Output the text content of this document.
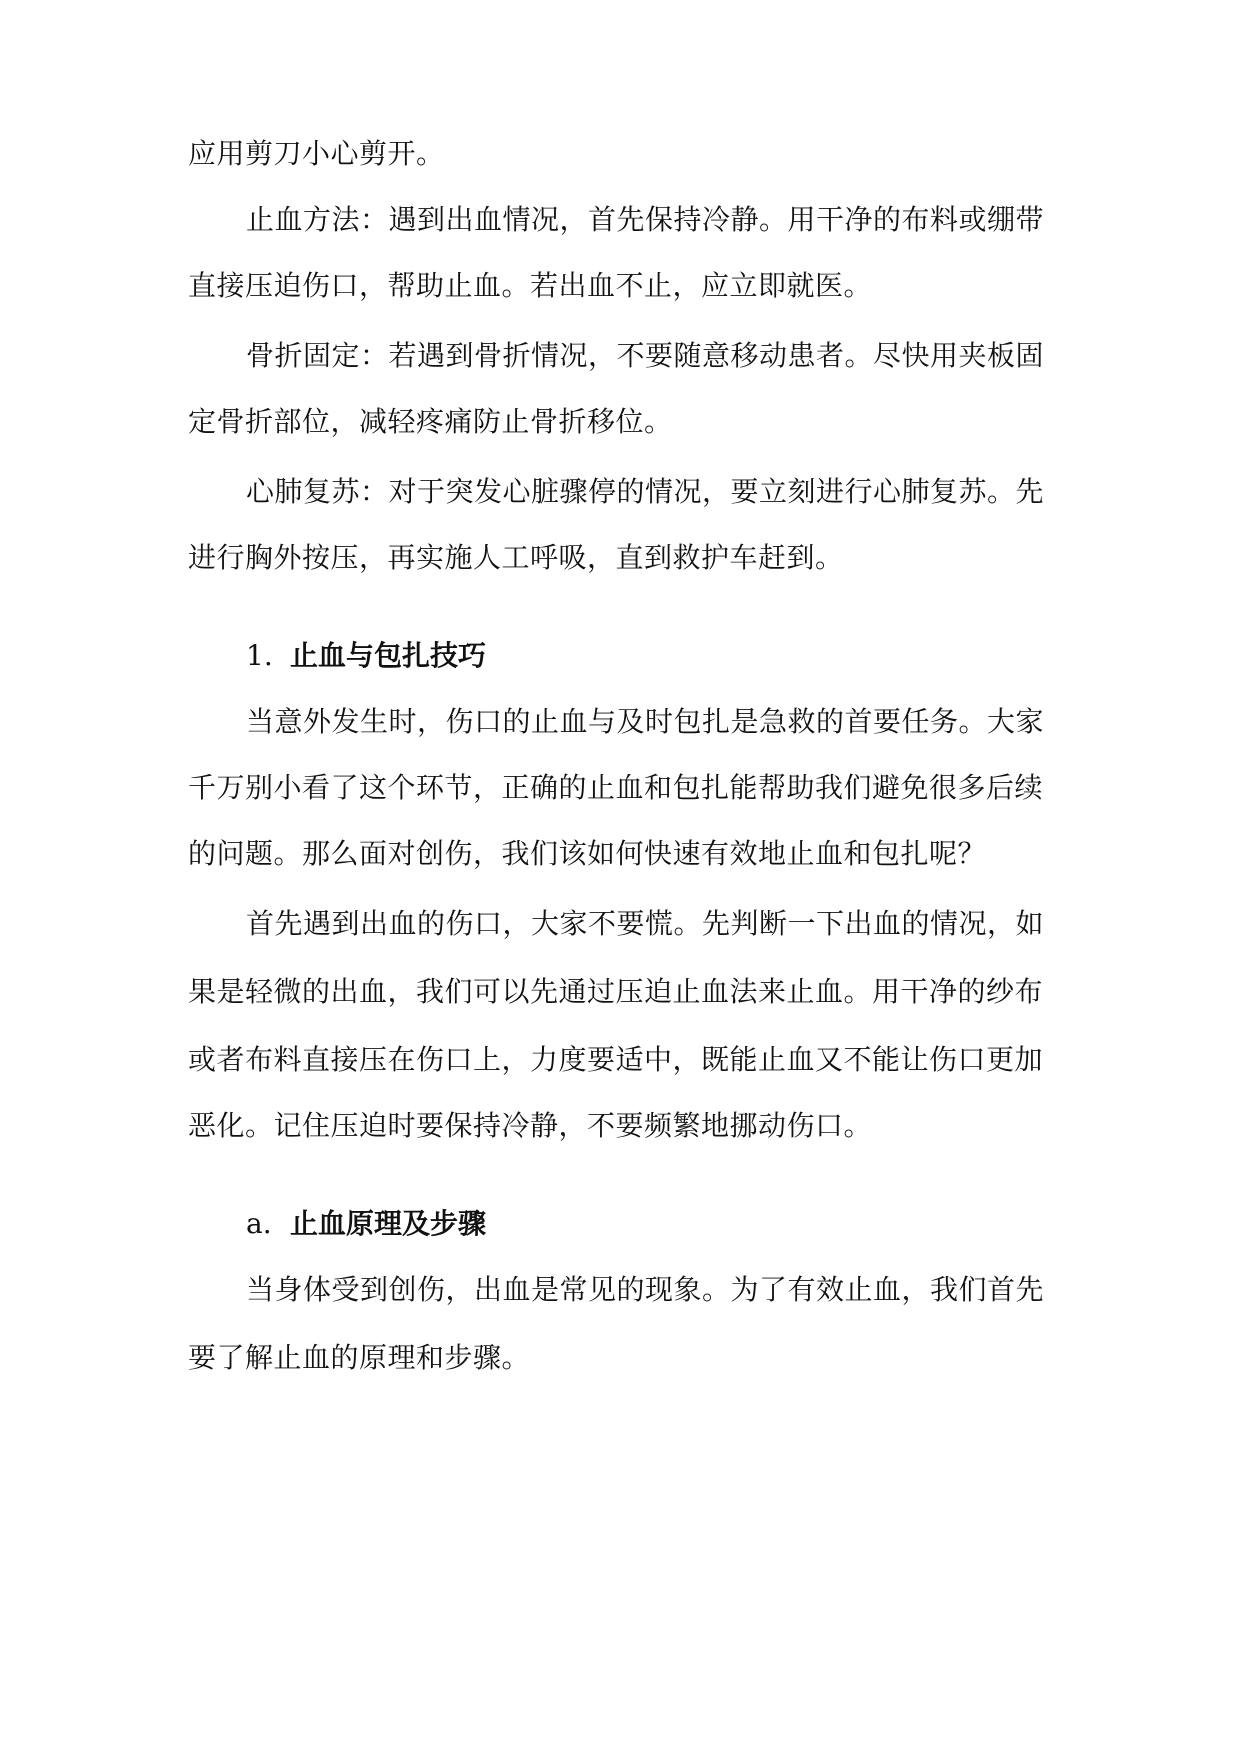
应用剪刀小心剪开。
止血方法：遇到出血情况，首先保持冷静。用干净的布料或绷带
直接压迫伤口，帮助止血。若出血不止，应立即就医。
骨折固定：若遇到骨折情况，不要随意移动患者。尽快用夹板固
定骨折部位，减轻疼痛防止骨折移位。
心肺复苏：对于突发心脏骤停的情况，要立刻进行心肺复苏。先
进行胸外按压，再实施人工呼吸，直到救护车赶到。
1. 止血与包扎技巧
当意外发生时，伤口的止血与及时包扎是急救的首要任务。大家
千万别小看了这个环节，正确的止血和包扎能帮助我们避免很多后续
的问题。那么面对创伤，我们该如何快速有效地止血和包扎呢？
首先遇到出血的伤口，大家不要慌。先判断一下出血的情况，如
果是轻微的出血，我们可以先通过压迫止血法来止血。用干净的纱布
或者布料直接压在伤口上，力度要适中，既能止血又不能让伤口更加
恶化。记住压迫时要保持冷静，不要频繁地挪动伤口。
a. 止血原理及步骤
当身体受到创伤，出血是常见的现象。为了有效止血，我们首先
要了解止血的原理和步骤。
